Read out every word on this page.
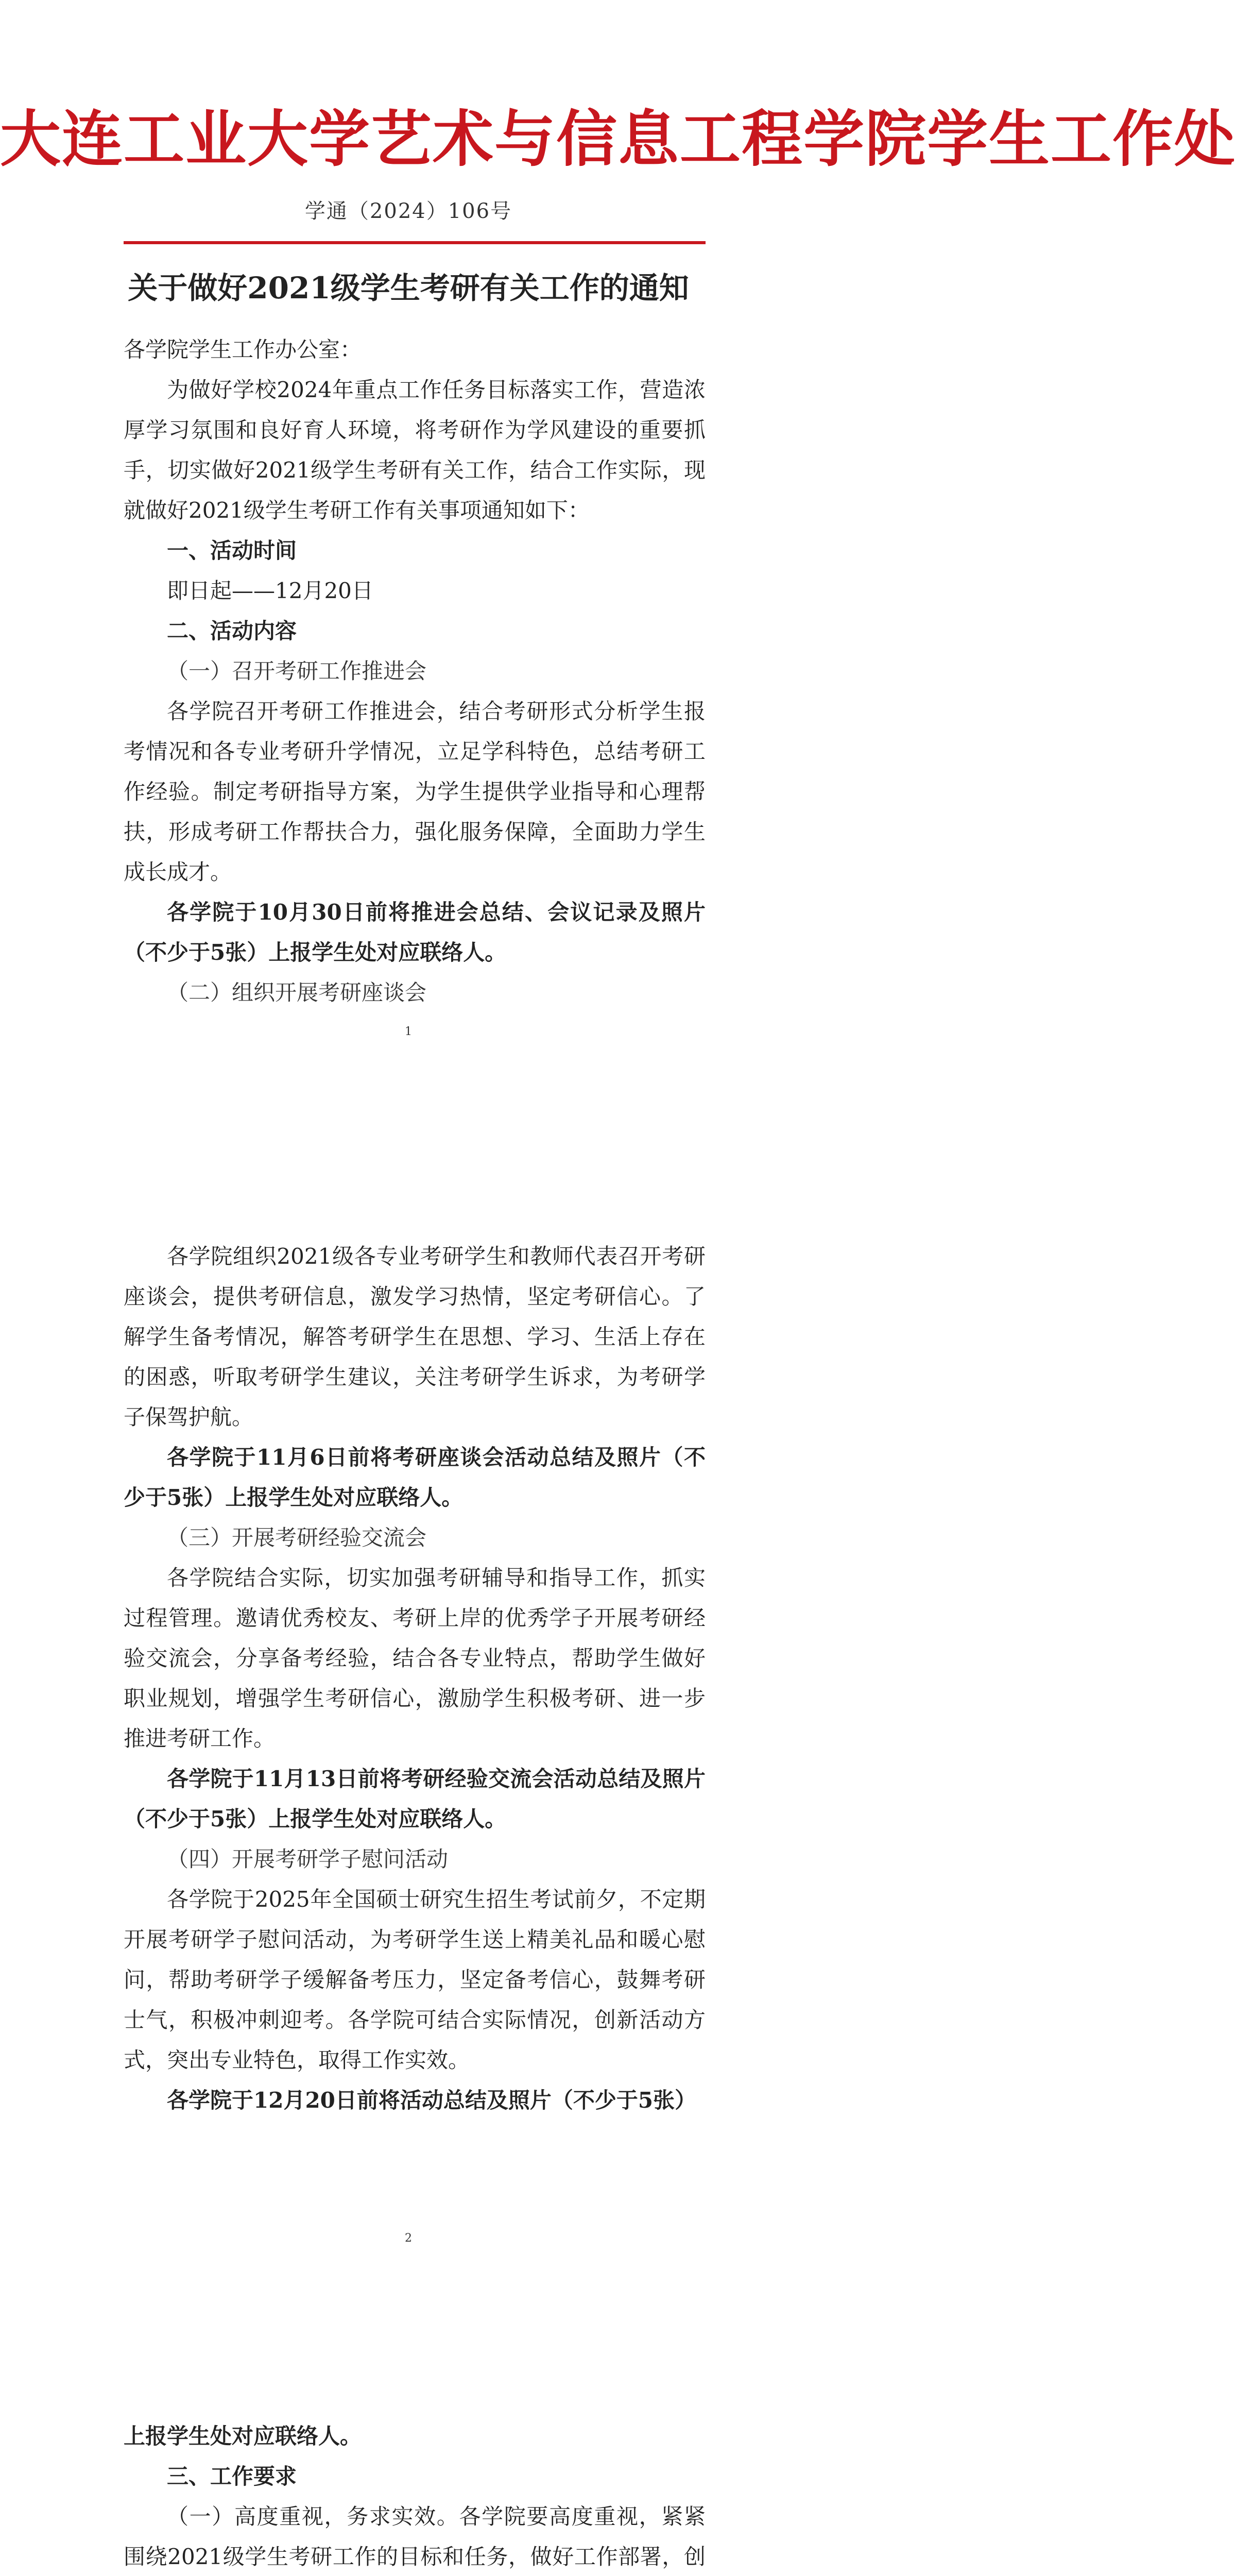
大连工业大学艺术与信息工程学院学生工作处
学通（2024）106号
关于做好2021级学生考研有关工作的通知

各学院学生工作办公室：

为做好学校2024年重点工作任务目标落实工作，营造浓厚学习氛围和良好育人环境，将考研作为学风建设的重要抓手，切实做好2021级学生考研有关工作，结合工作实际，现就做好2021级学生考研工作有关事项通知如下：

一、活动时间

即日起——12月20日

二、活动内容

（一）召开考研工作推进会

各学院召开考研工作推进会，结合考研形式分析学生报考情况和各专业考研升学情况，立足学科特色，总结考研工作经验。制定考研指导方案，为学生提供学业指导和心理帮扶，形成考研工作帮扶合力，强化服务保障，全面助力学生成长成才。

各学院于10月30日前将推进会总结、会议记录及照片（不少于5张）上报学生处对应联络人。

（二）组织开展考研座谈会

1

各学院组织2021级各专业考研学生和教师代表召开考研座谈会，提供考研信息，激发学习热情，坚定考研信心。了解学生备考情况，解答考研学生在思想、学习、生活上存在的困惑，听取考研学生建议，关注考研学生诉求，为考研学子保驾护航。

各学院于11月6日前将考研座谈会活动总结及照片（不少于5张）上报学生处对应联络人。

（三）开展考研经验交流会

各学院结合实际，切实加强考研辅导和指导工作，抓实过程管理。邀请优秀校友、考研上岸的优秀学子开展考研经验交流会，分享备考经验，结合各专业特点，帮助学生做好职业规划，增强学生考研信心，激励学生积极考研、进一步推进考研工作。

各学院于11月13日前将考研经验交流会活动总结及照片（不少于5张）上报学生处对应联络人。

（四）开展考研学子慰问活动

各学院于2025年全国硕士研究生招生考试前夕，不定期开展考研学子慰问活动，为考研学生送上精美礼品和暖心慰问，帮助考研学子缓解备考压力，坚定备考信心，鼓舞考研士气，积极冲刺迎考。各学院可结合实际情况，创新活动方式，突出专业特色，取得工作实效。

各学院于12月20日前将活动总结及照片（不少于5张）

2

上报学生处对应联络人。

三、工作要求

（一）高度重视，务求实效。各学院要高度重视，紧紧围绕2021级学生考研工作的目标和任务，做好工作部署，创
